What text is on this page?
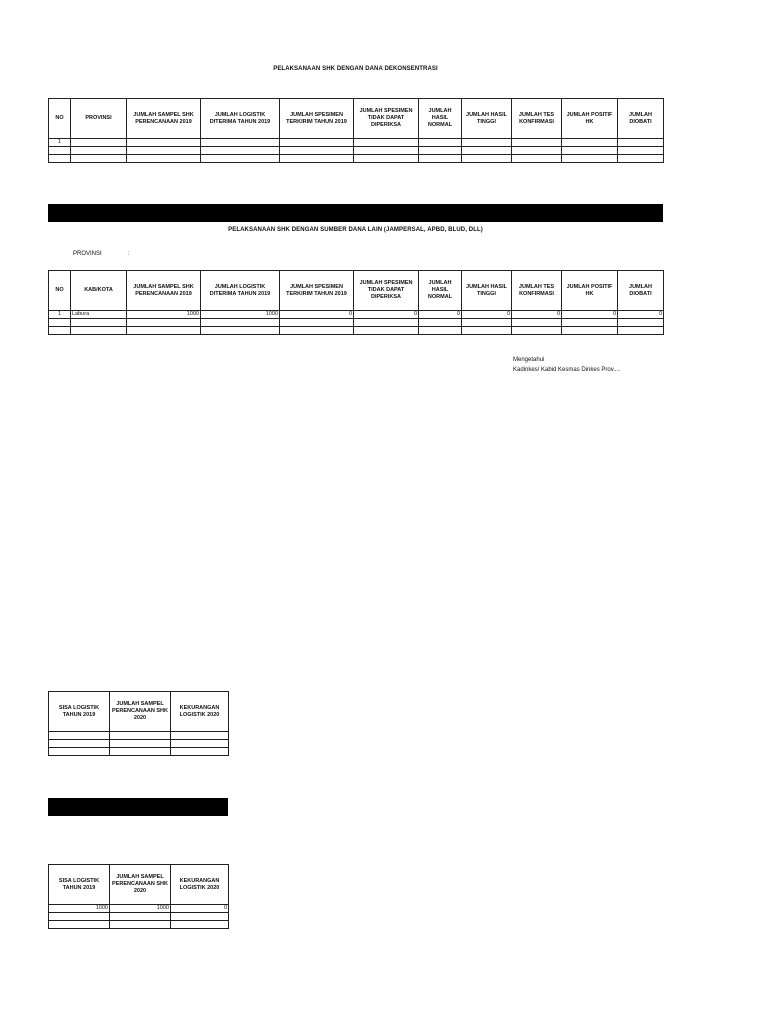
PELAKSANAAN SHK DENGAN DANA DEKONSENTRASI
NO	PROVINSI	JUMLAH SAMPEL SHK PERENCANAAN 2019	JUMLAH LOGISTIK DITERIMA TAHUN 2019	JUMLAH SPESIMEN TERKIRIM TAHUN 2019	JUMLAH SPESIMEN TIDAK DAPAT DIPERIKSA	JUMLAH HASIL NORMAL	JUMLAH HASIL TINGGI	JUMLAH TES KONFIRMASI	JUMLAH POSITIF HK	JUMLAH DIOBATI
1										

PELAKSANAAN SHK DENGAN SUMBER DANA LAIN (JAMPERSAL, APBD, BLUD, DLL)
PROVINSI	:
NO	KAB/KOTA	JUMLAH SAMPEL SHK PERENCANAAN 2019	JUMLAH LOGISTIK DITERIMA TAHUN 2019	JUMLAH SPESIMEN TERKIRIM TAHUN 2019	JUMLAH SPESIMEN TIDAK DAPAT DIPERIKSA	JUMLAH HASIL NORMAL	JUMLAH HASIL TINGGI	JUMLAH TES KONFIRMASI	JUMLAH POSITIF HK	JUMLAH DIOBATI
1	Labura	1000	1000	0	0	0	0	0	0	0

Mengetahui
Kadinkes/ Kabid Kesmas Dinkes Prov....
SISA LOGISTIK TAHUN 2019	JUMLAH SAMPEL PERENCANAAN SHK 2020	KEKURANGAN LOGISTIK 2020

SISA LOGISTIK TAHUN 2019	JUMLAH SAMPEL PERENCANAAN SHK 2020	KEKURANGAN LOGISTIK 2020
1000	1000	0
